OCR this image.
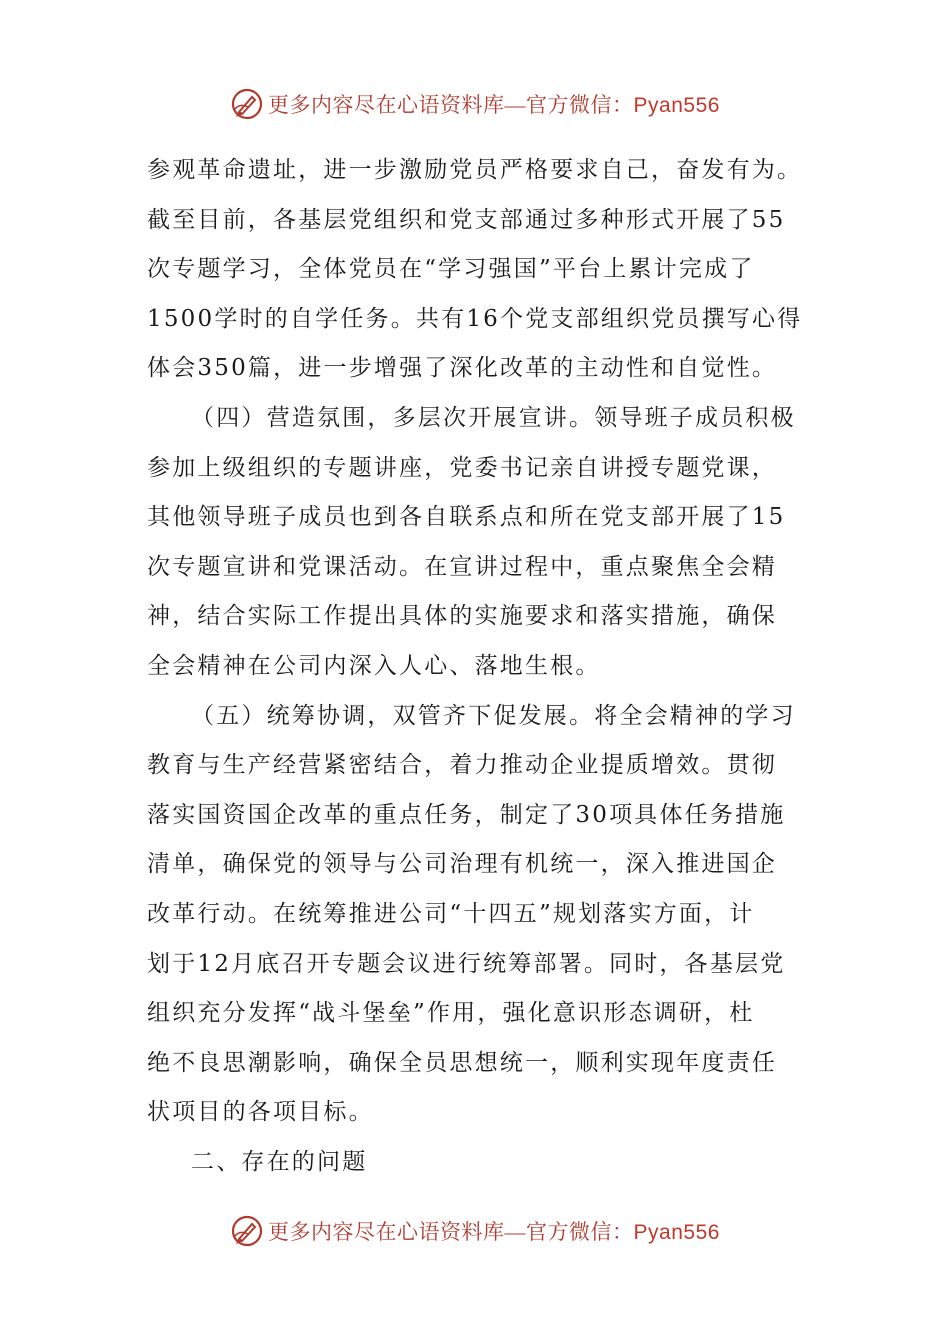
更多内容尽在心语资料库—官方微信：Pyan556
参观革命遗址，进一步激励党员严格要求自己，奋发有为。
截至目前，各基层党组织和党支部通过多种形式开展了55
次专题学习，全体党员在“学习强国”平台上累计完成了
1500学时的自学任务。共有16个党支部组织党员撰写心得
体会350篇，进一步增强了深化改革的主动性和自觉性。
（四）营造氛围，多层次开展宣讲。领导班子成员积极
参加上级组织的专题讲座，党委书记亲自讲授专题党课，
其他领导班子成员也到各自联系点和所在党支部开展了15
次专题宣讲和党课活动。在宣讲过程中，重点聚焦全会精
神，结合实际工作提出具体的实施要求和落实措施，确保
全会精神在公司内深入人心、落地生根。
（五）统筹协调，双管齐下促发展。将全会精神的学习
教育与生产经营紧密结合，着力推动企业提质增效。贯彻
落实国资国企改革的重点任务，制定了30项具体任务措施
清单，确保党的领导与公司治理有机统一，深入推进国企
改革行动。在统筹推进公司“十四五”规划落实方面，计
划于12月底召开专题会议进行统筹部署。同时，各基层党
组织充分发挥“战斗堡垒”作用，强化意识形态调研，杜
绝不良思潮影响，确保全员思想统一，顺利实现年度责任
状项目的各项目标。
二、存在的问题
更多内容尽在心语资料库—官方微信：Pyan556
